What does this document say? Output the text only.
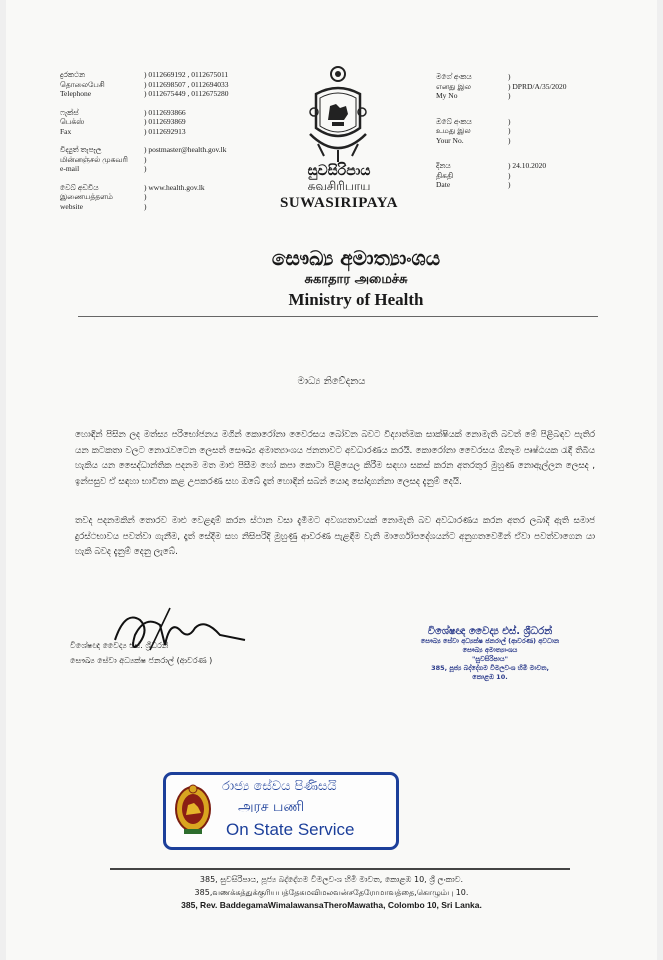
දුරකථන	) 0112669192 , 0112675011
தொலைபேசி	) 0112698507 , 0112694033
Telephone	) 0112675449 , 0112675280
ෆැක්ස්	) 0112693866
பெக்ஸ்	) 0112693869
Fax	) 0112692913
විද්‍යුත් තැපෑල	) postmaster@health.gov.lk
மின்னஞ்சல் முகவரி	)
e-mail	)
වෙබ් අඩවිය	) www.health.gov.lk
இணையத்தளம்	)
website	)
සුවසිරිපාය
சுவசிரிபாய
SUWASIRIPAYA
මගේ අංකය	)
எனது இல	) DPRD/A/35/2020
My No	)
ඔබේ අංකය	)
உமது இல	)
Your No.	)
දිනය	) 24.10.2020
திகதி	)
Date	)
සෞඛ්‍ය අමාත්‍යාංශය
சுகாதார அமைச்சு
Ministry of Health
මාධ්‍ය නිවේදනය
හොඳින් පිසින ලද මත්ස්‍ය පරිභෝජනය මගින් කොරෝනා වෛරසය බෝවන බවට විද්‍යාත්මක සාක්ෂියක් නොමැති බවත් මේ පිළිබඳව පැතිර යන කටකතා වලට නොරැවටෙන ලෙසත් සෞඛ්‍ය අමාත්‍යාංශය ජනතාවට අවධාරණය කරයි. කොරෝනා වෛරසය ඕනෑම පෘෂ්ඨයක රැඳී තිබිය හැකිය යන සෛද්ධාන්තික පදනම මත මාළු පිසීම හෝ කපා කොටා පිළියෙල කිරීම සඳහා සකස් කරන අතරතුර මුහුණ නොඇල්ලන ලෙසද , ඉන්පසුව ඒ සඳහා භාවිතා කළ උපකරණ සහ ඔබේ දෑත් හොඳින් සබන් යොදා සෝදාගන්නා ලෙසද දැනුම් දෙයි.
තවද පදනමකින් තොරව මාළු වෙළඳාම් කරන ස්ථාන වසා දැමීමට අවශ්‍යතාවයක් නොමැති බව අවධාරණය කරන අතර ලබාදී ඇති සමාජ දුරස්ථභාවය පවත්වා ගැනීම, දෑත් සේදීම සහ නිසිපරිදි මුහුණු ආවරණ පැළඳීම වැනි මාර්ගෝපදේශයන්ට අනුගතවෙමින් ඒවා පවත්වාගෙන යා හැකි බවද දැනුම් දෙනු ලැබේ.
විශේෂඥ වෛද්‍ය එස්. ශ්‍රීධරන්
සෞඛ්‍ය සේවා අධ්‍යක්ෂ ජනරාල් (ආවරණ )
විශේෂඥ වෛද්‍ය එස්. ශ්‍රීධරන්
සෞඛ්‍ය සේවා අධ්‍යක්ෂ ජනරාල් (ආවරණ) අවධාන
සෞඛ්‍ය අමාත්‍යාංශය
"සුවසිරිපාය"
385, පූජ්‍ය බද්දේගම විමලවංශ හිමි මාවත,
කොළඹ 10.
රාජ්‍ය සේවය පිණිසයි
அரச பணி
On State Service
385, සුවසිරිපාය, පූජ්‍ය බද්දේගම විමලවංශ හිමි මාවත, කොළඹ 10, ශ්‍රී ලංකාව.
385,வணக்கத்துக்குரியபத்தேகமவிமலவன்சதேரோமாவத்தை,கொழும்பு 10.
385, Rev. BaddegamaWimalawansaTheroMawatha, Colombo 10, Sri Lanka.
